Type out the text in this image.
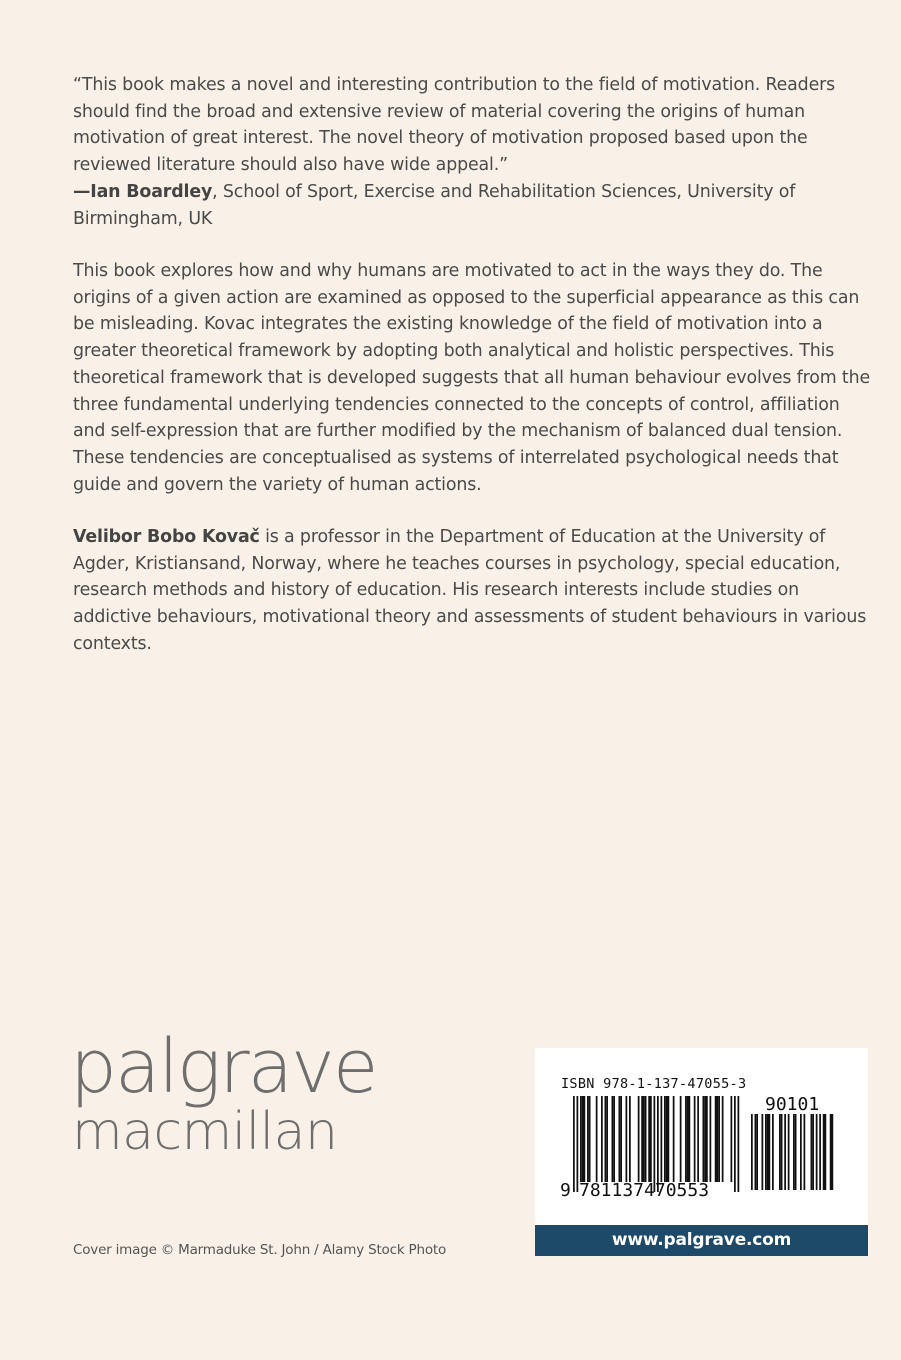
“This book makes a novel and interesting contribution to the field of motivation. Readers should find the broad and extensive review of material covering the origins of human motivation of great interest. The novel theory of motivation proposed based upon the reviewed literature should also have wide appeal.”
—Ian Boardley, School of Sport, Exercise and Rehabilitation Sciences, University of Birmingham, UK

This book explores how and why humans are motivated to act in the ways they do. The origins of a given action are examined as opposed to the superficial appearance as this can be misleading. Kovac integrates the existing knowledge of the field of motivation into a greater theoretical framework by adopting both analytical and holistic perspectives. This theoretical framework that is developed suggests that all human behaviour evolves from the three fundamental underlying tendencies connected to the concepts of control, affiliation and self-expression that are further modified by the mechanism of balanced dual tension. These tendencies are conceptualised as systems of interrelated psychological needs that guide and govern the variety of human actions.

Velibor Bobo Kovač is a professor in the Department of Education at the University of Agder, Kristiansand, Norway, where he teaches courses in psychology, special education, research methods and history of education. His research interests include studies on addictive behaviours, motivational theory and assessments of student behaviours in various contexts.

palgrave
macmillan
Cover image © Marmaduke St. John / Alamy Stock Photo
ISBN 978-1-137-47055-3
9 781137470553
90101
www.palgrave.com
